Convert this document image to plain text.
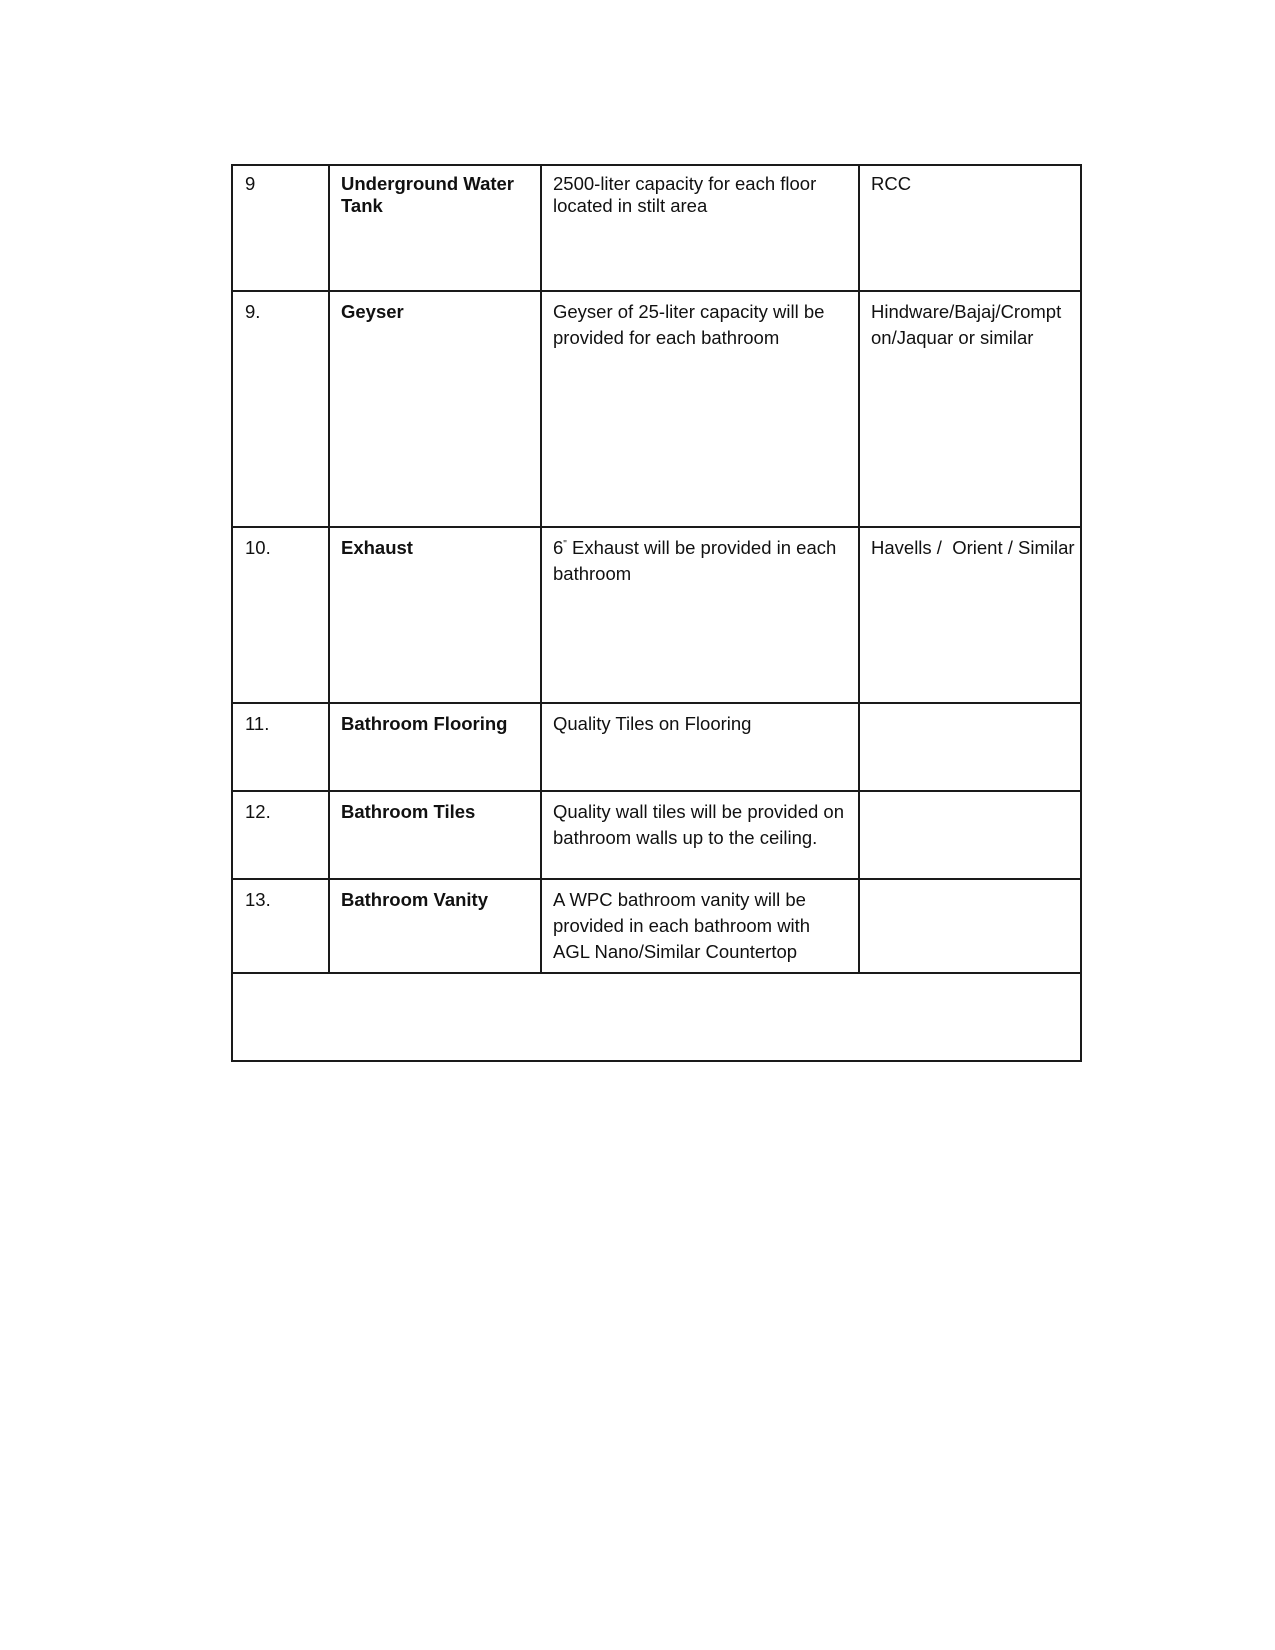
9	Underground Water Tank	2500-liter capacity for each floor located in stilt area	RCC
9.	Geyser	Geyser of 25-liter capacity will be provided for each bathroom	Hindware/Bajaj/Crompton/Jaquar or similar
10.	Exhaust	6" Exhaust will be provided in each bathroom	Havells /  Orient / Similar
11.	Bathroom Flooring	Quality Tiles on Flooring	
12.	Bathroom Tiles	Quality wall tiles will be provided on bathroom walls up to the ceiling.	
13.	Bathroom Vanity	A WPC bathroom vanity will be provided in each bathroom with AGL Nano/Similar Countertop	
